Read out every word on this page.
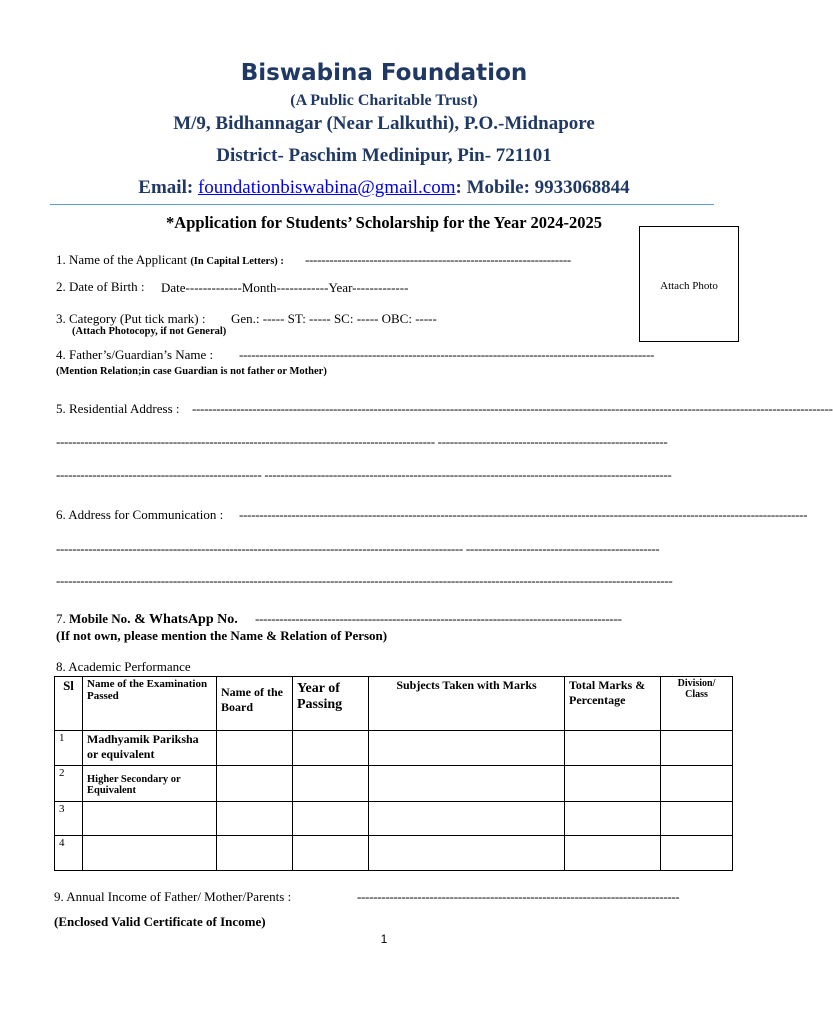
Biswabina Foundation
(A Public Charitable Trust)
M/9, Bidhannagar (Near Lalkuthi), P.O.-Midnapore
District- Paschim Medinipur, Pin- 721101
Email: foundationbiswabina@gmail.com: Mobile: 9933068844
*Application for Students’ Scholarship for the Year 2024-2025
Attach Photo
1. Name of the Applicant (In Capital Letters) : ------------------------------------------------------------------
2. Date of Birth : Date-------------Month------------Year-------------
3. Category (Put tick mark) : Gen.: ----- ST: ----- SC: ----- OBC: -----
(Attach Photocopy, if not General)
4. Father’s/Guardian’s Name : -------------------------------------------------------------------------------------------------------
(Mention Relation;in case Guardian is not father or Mother)
5. Residential Address : ---------------------------------------------------------------------------------------------------------------------------------------------------------------
---------------------------------------------------------------------------------------------- ---------------------------------------------------------
--------------------------------------------------- -----------------------------------------------------------------------------------------------------
6. Address for Communication : ---------------------------------------------------------------------------------------------------------------------------------------------
----------------------------------------------------------------------------------------------------- ------------------------------------------------
---------------------------------------------------------------------------------------------------------------------------------------------------------
7. Mobile No. & WhatsApp No. -------------------------------------------------------------------------------------------
(If not own, please mention the Name & Relation of Person)
8. Academic Performance
Sl	Name of the Examination Passed	Name of the Board	Year of Passing	Subjects Taken with Marks	Total Marks & Percentage	Division/ Class
1	Madhyamik Pariksha or equivalent					
2	Higher Secondary or Equivalent					
3						
4						
9. Annual Income of Father/ Mother/Parents :	--------------------------------------------------------------------------------
(Enclosed Valid Certificate of Income)
1
